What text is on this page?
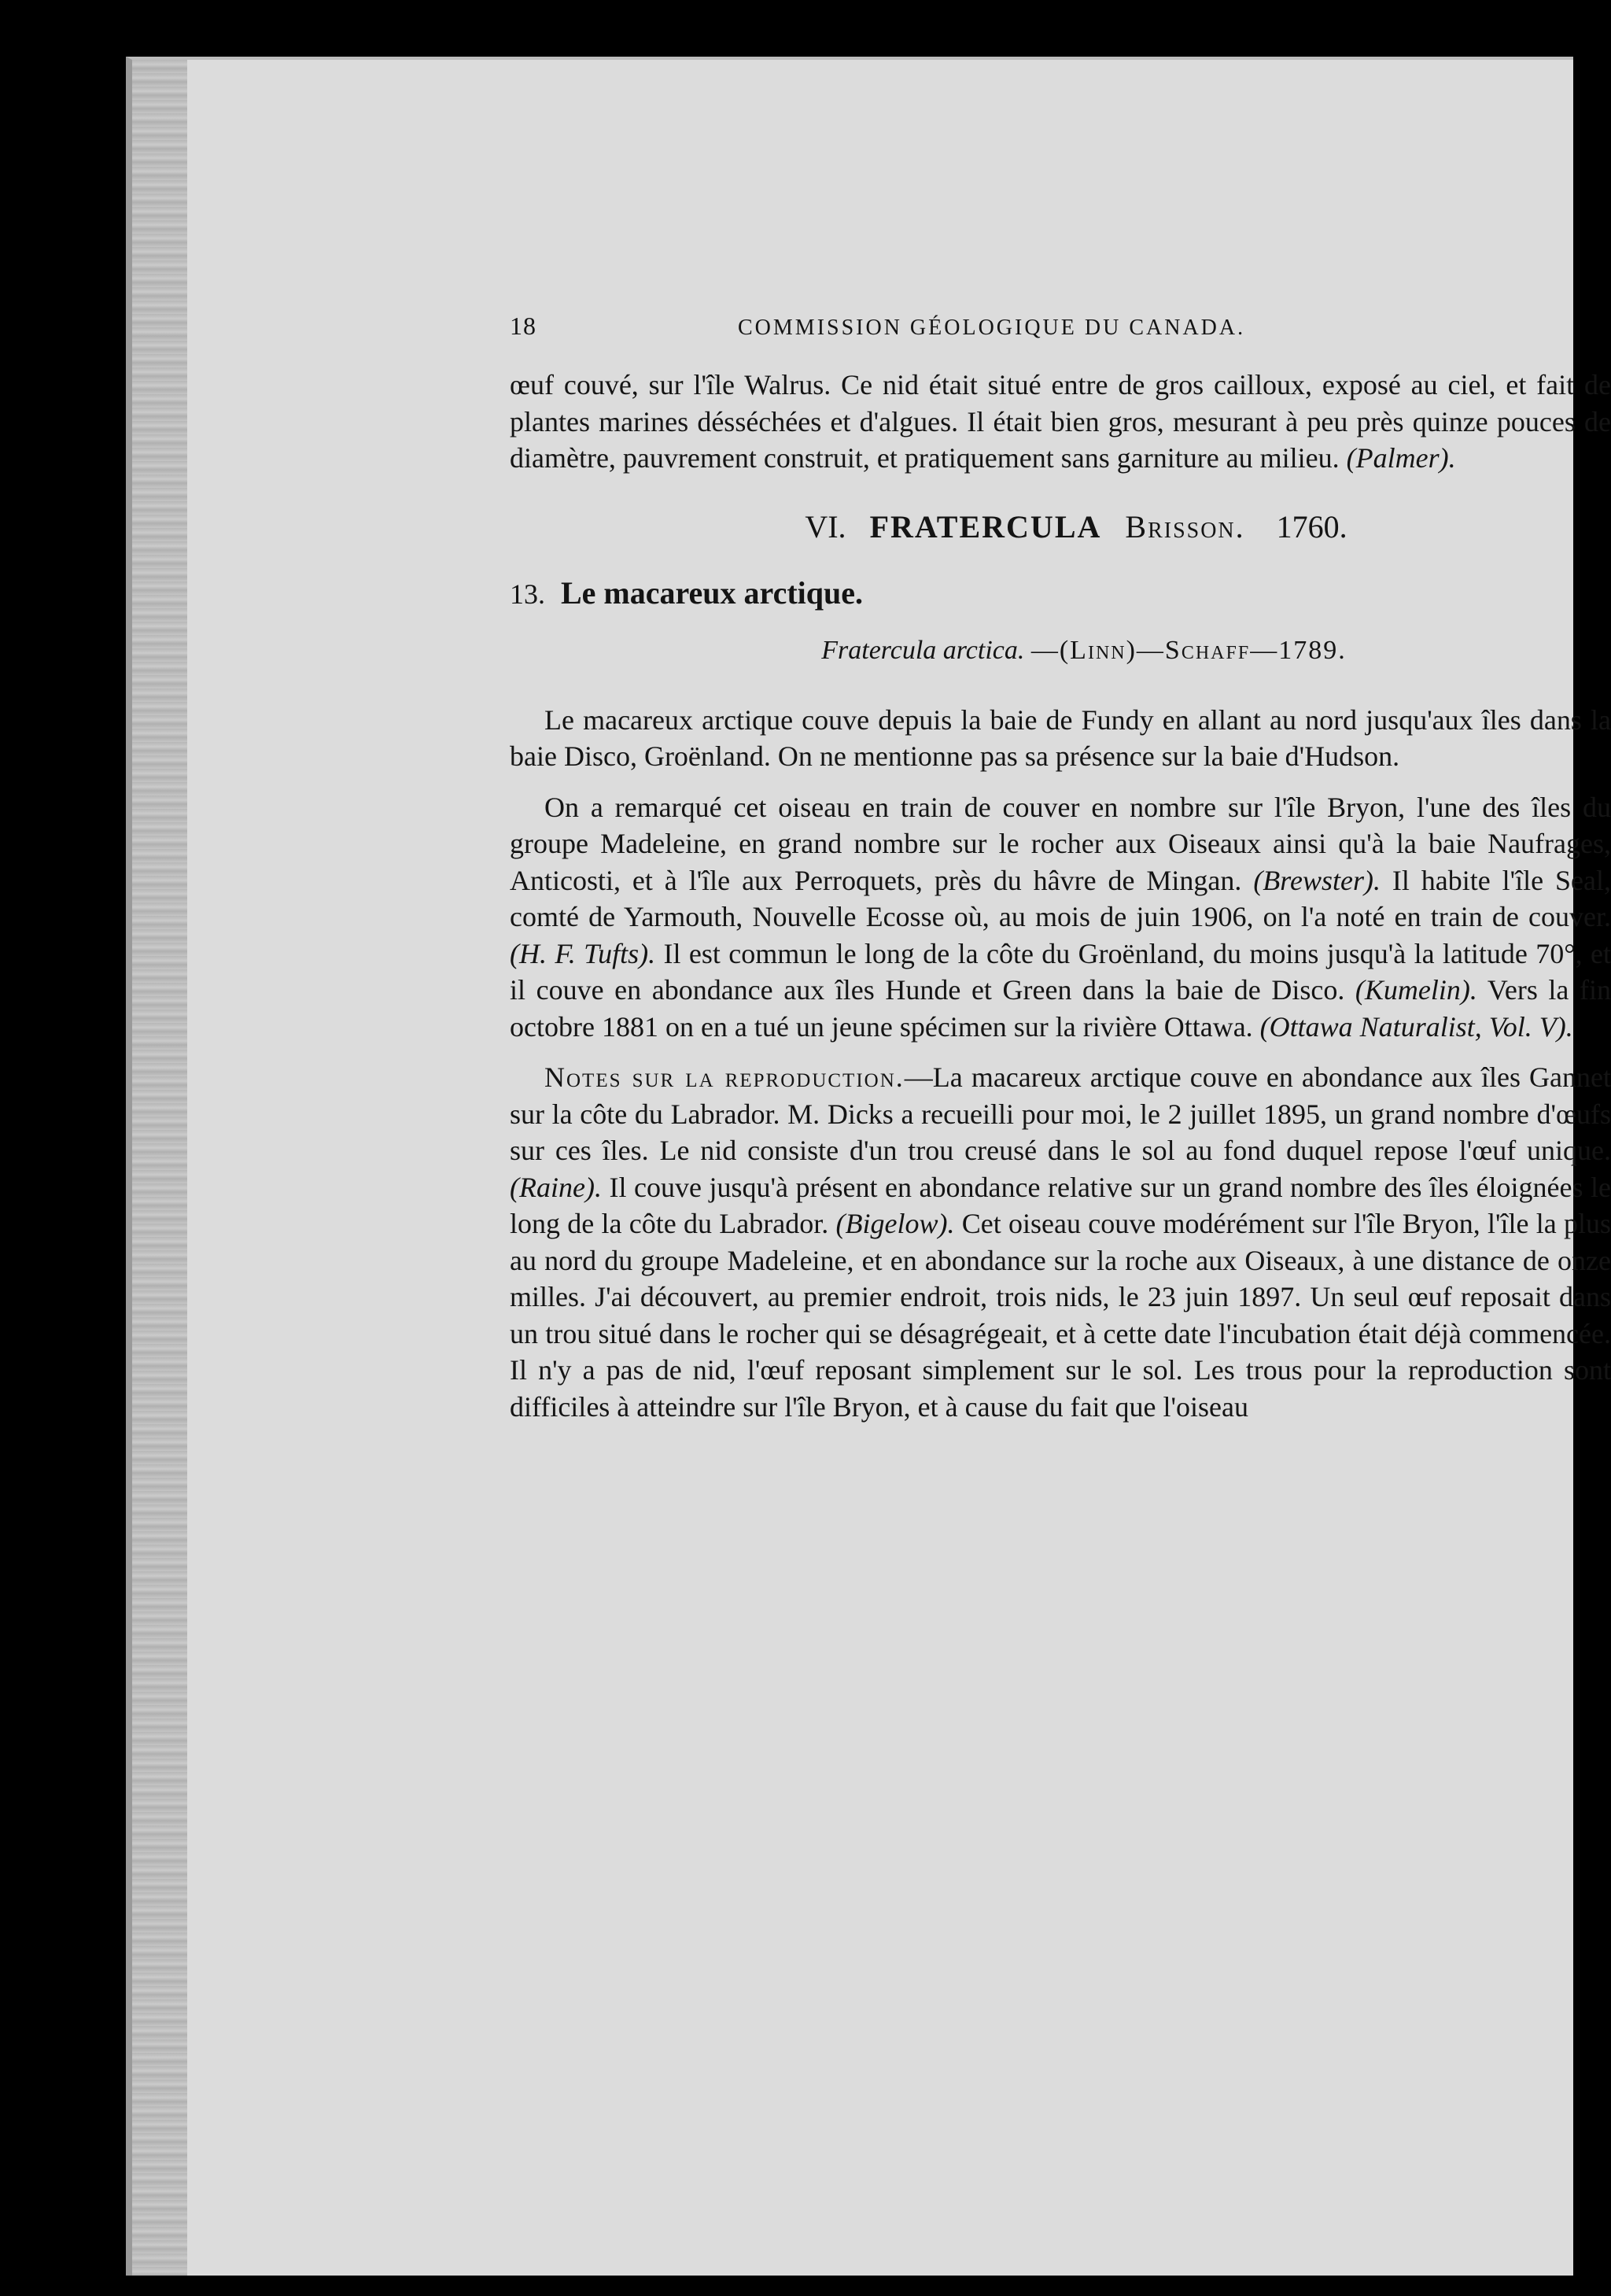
18	COMMISSION GÉOLOGIQUE DU CANADA.

œuf couvé, sur l'île Walrus. Ce nid était situé entre de gros cailloux, exposé au ciel, et fait de plantes marines désséchées et d'algues. Il était bien gros, mesurant à peu près quinze pouces de diamètre, pauvrement construit, et pratiquement sans garniture au milieu. (Palmer).

VI. FRATERCULA Brisson. 1760.
13. Le macareux arctique.
Fratercula arctica. —(Linn)—Schaff—1789.

Le macareux arctique couve depuis la baie de Fundy en allant au nord jusqu'aux îles dans la baie Disco, Groënland. On ne mentionne pas sa présence sur la baie d'Hudson.

On a remarqué cet oiseau en train de couver en nombre sur l'île Bryon, l'une des îles du groupe Madeleine, en grand nombre sur le rocher aux Oiseaux ainsi qu'à la baie Naufrages, Anticosti, et à l'île aux Perroquets, près du hâvre de Mingan. (Brewster). Il habite l'île Seal, comté de Yarmouth, Nouvelle Ecosse où, au mois de juin 1906, on l'a noté en train de couver. (H. F. Tufts). Il est commun le long de la côte du Groënland, du moins jusqu'à la latitude 70°, et il couve en abondance aux îles Hunde et Green dans la baie de Disco. (Kumelin). Vers la fin octobre 1881 on en a tué un jeune spécimen sur la rivière Ottawa. (Ottawa Naturalist, Vol. V).

Notes sur la reproduction.—La macareux arctique couve en abondance aux îles Gannet sur la côte du Labrador. M. Dicks a recueilli pour moi, le 2 juillet 1895, un grand nombre d'œufs sur ces îles. Le nid consiste d'un trou creusé dans le sol au fond duquel repose l'œuf unique. (Raine). Il couve jusqu'à présent en abondance relative sur un grand nombre des îles éloignées le long de la côte du Labrador. (Bigelow). Cet oiseau couve modérément sur l'île Bryon, l'île la plus au nord du groupe Madeleine, et en abondance sur la roche aux Oiseaux, à une distance de onze milles. J'ai découvert, au premier endroit, trois nids, le 23 juin 1897. Un seul œuf reposait dans un trou situé dans le rocher qui se désagrégeait, et à cette date l'incubation était déjà commencée. Il n'y a pas de nid, l'œuf reposant simplement sur le sol. Les trous pour la reproduction sont difficiles à atteindre sur l'île Bryon, et à cause du fait que l'oiseau
